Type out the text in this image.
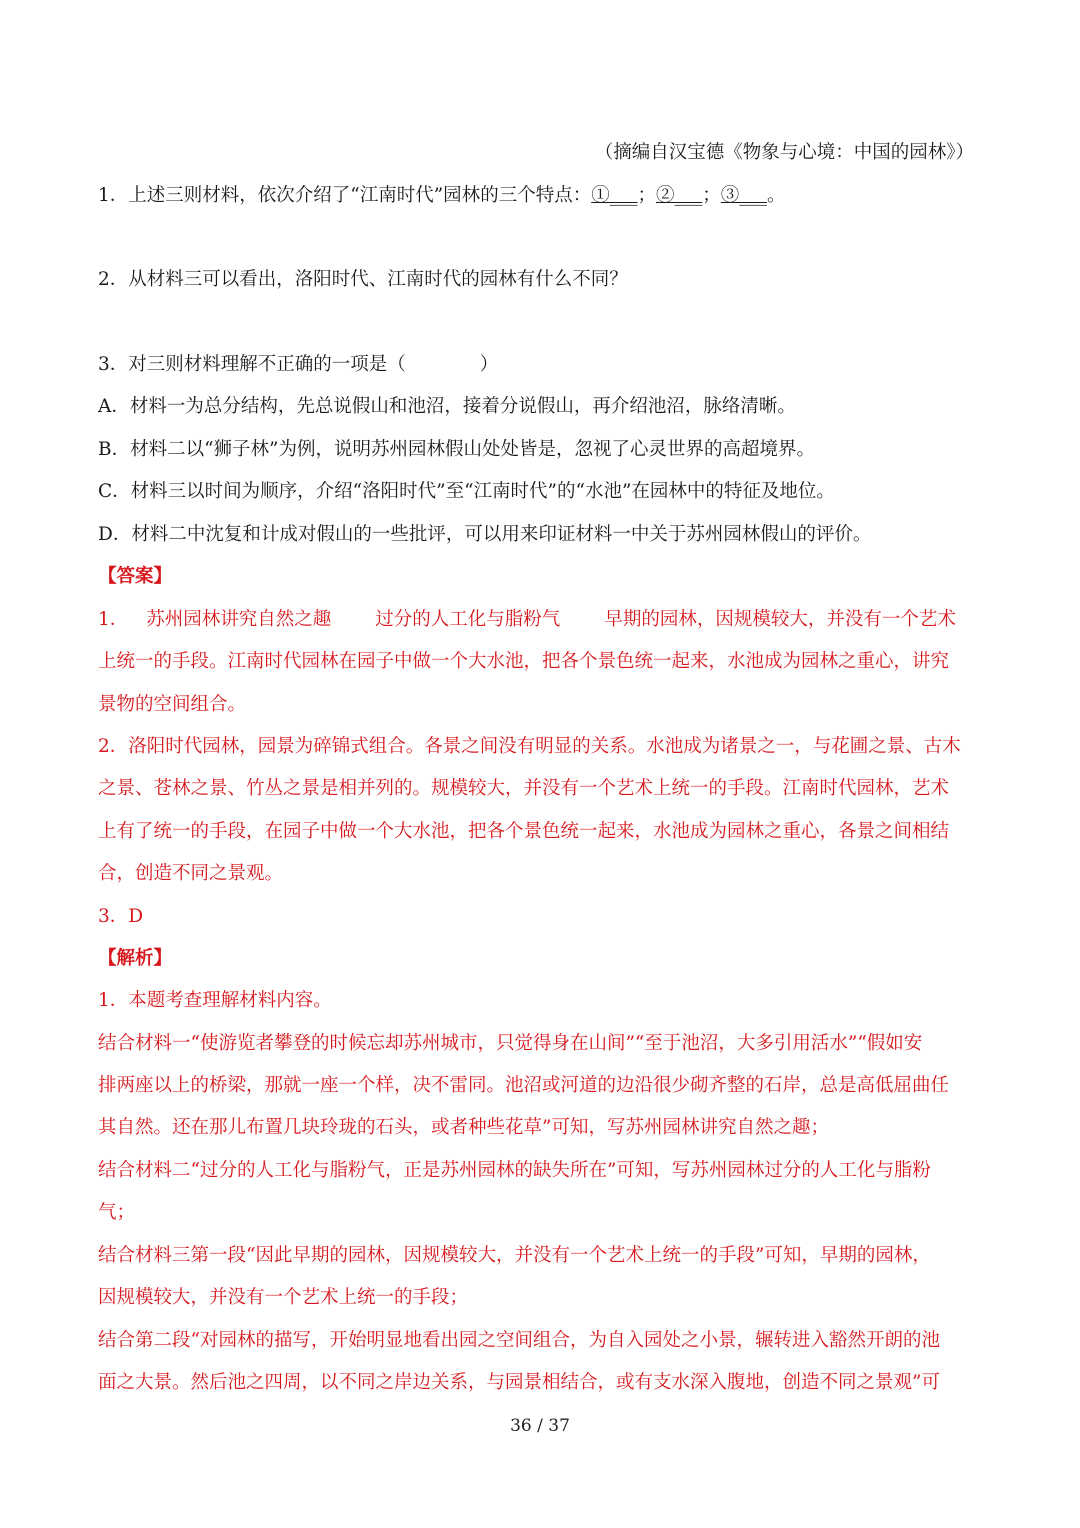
（摘编自汉宝德《物象与心境：中国的园林》）
1．上述三则材料，依次介绍了“江南时代”园林的三个特点：①___；②___；③___。
2．从材料三可以看出，洛阳时代、江南时代的园林有什么不同？
3．对三则材料理解不正确的一项是（　　　　）
A．材料一为总分结构，先总说假山和池沼，接着分说假山，再介绍池沼，脉络清晰。
B．材料二以“狮子林”为例，说明苏州园林假山处处皆是，忽视了心灵世界的高超境界。
C．材料三以时间为顺序，介绍“洛阳时代”至“江南时代”的“水池”在园林中的特征及地位。
D．材料二中沈复和计成对假山的一些批评，可以用来印证材料一中关于苏州园林假山的评价。
【答案】
1． 苏州园林讲究自然之趣 过分的人工化与脂粉气 早期的园林，因规模较大，并没有一个艺术
上统一的手段。江南时代园林在园子中做一个大水池，把各个景色统一起来，水池成为园林之重心，讲究
景物的空间组合。
2．洛阳时代园林，园景为碎锦式组合。各景之间没有明显的关系。水池成为诸景之一，与花圃之景、古木
之景、苍林之景、竹丛之景是相并列的。规模较大，并没有一个艺术上统一的手段。江南时代园林，艺术
上有了统一的手段，在园子中做一个大水池，把各个景色统一起来，水池成为园林之重心，各景之间相结
合，创造不同之景观。
3．D
【解析】
1．本题考查理解材料内容。
结合材料一“使游览者攀登的时候忘却苏州城市，只觉得身在山间”“至于池沼，大多引用活水”“假如安
排两座以上的桥梁，那就一座一个样，决不雷同。池沼或河道的边沿很少砌齐整的石岸，总是高低屈曲任
其自然。还在那儿布置几块玲珑的石头，或者种些花草”可知，写苏州园林讲究自然之趣；
结合材料二“过分的人工化与脂粉气，正是苏州园林的缺失所在”可知，写苏州园林过分的人工化与脂粉
气；
结合材料三第一段“因此早期的园林，因规模较大，并没有一个艺术上统一的手段”可知，早期的园林，
因规模较大，并没有一个艺术上统一的手段；
结合第二段“对园林的描写，开始明显地看出园之空间组合，为自入园处之小景，辗转进入豁然开朗的池
面之大景。然后池之四周，以不同之岸边关系，与园景相结合，或有支水深入腹地，创造不同之景观”可
36 / 37
